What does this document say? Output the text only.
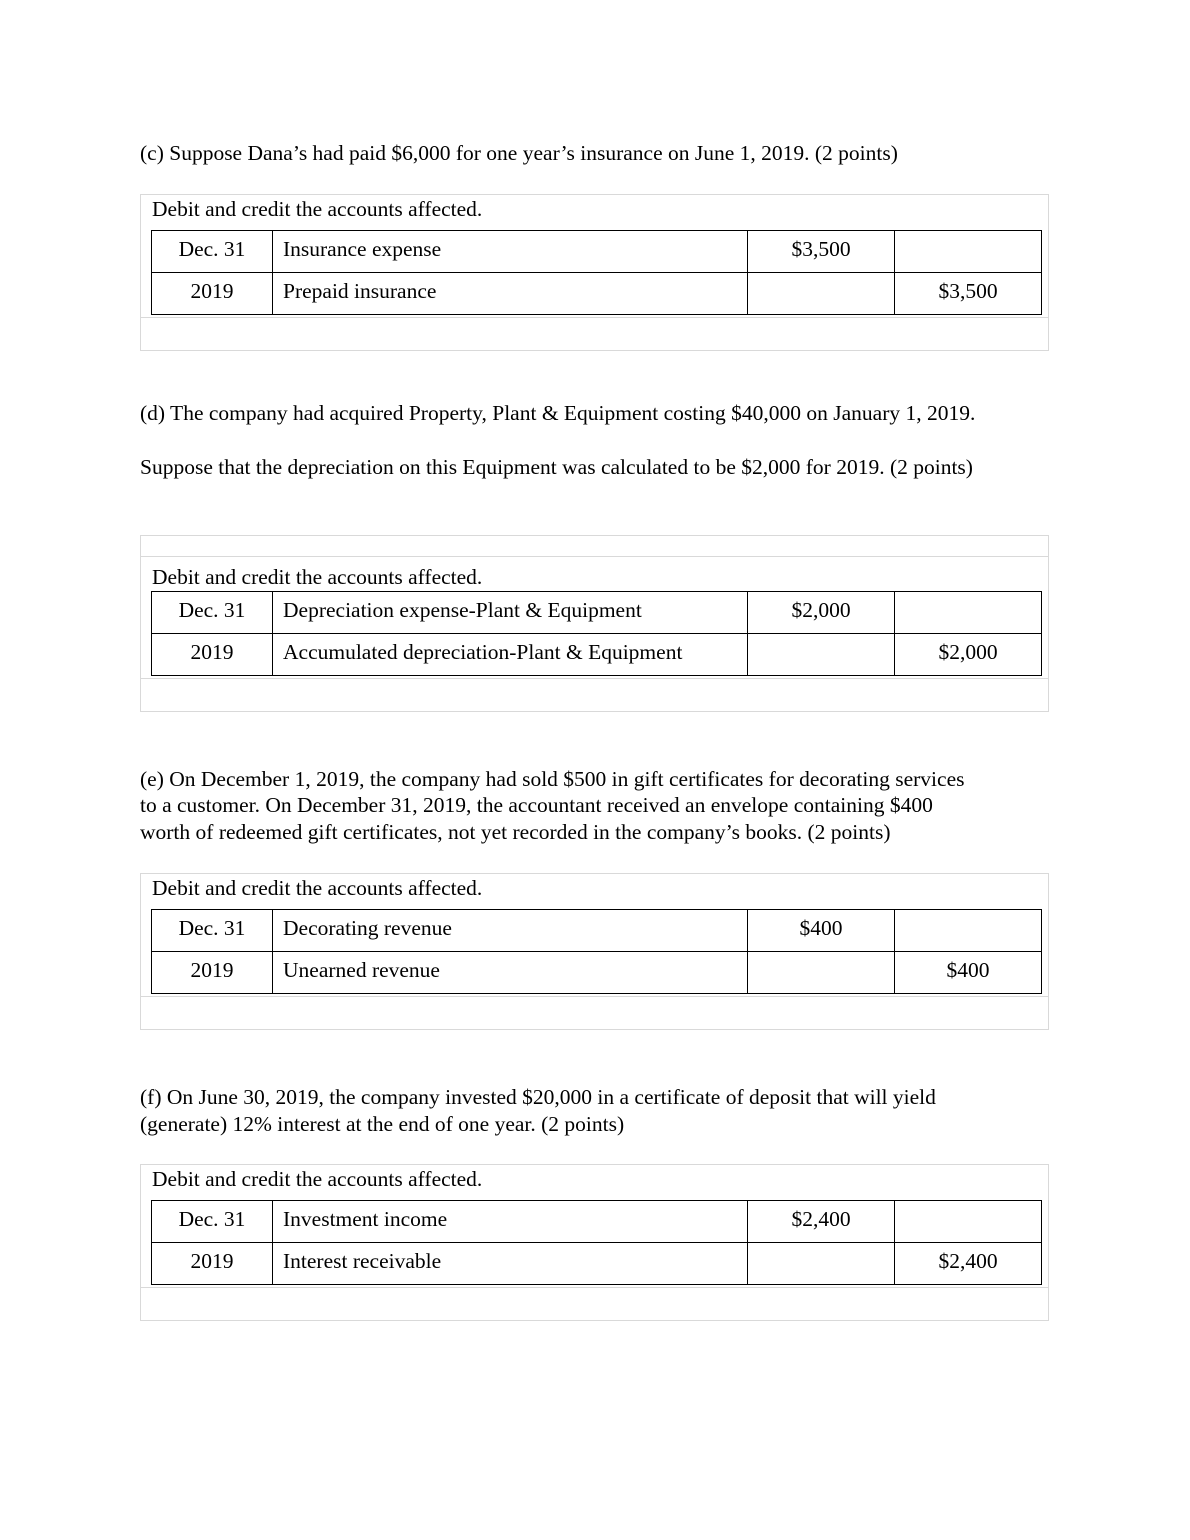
(c) Suppose Dana’s had paid $6,000 for one year’s insurance on June 1, 2019. (2 points)

Debit and credit the accounts affected.
Dec. 31	Insurance expense	$3,500	
2019	Prepaid insurance		$3,500

(d) The company had acquired Property, Plant & Equipment costing $40,000 on January 1, 2019.

Suppose that the depreciation on this Equipment was calculated to be $2,000 for 2019. (2 points)

Debit and credit the accounts affected.
Dec. 31	Depreciation expense-Plant & Equipment	$2,000	
2019	Accumulated depreciation-Plant & Equipment		$2,000

(e) On December 1, 2019, the company had sold $500 in gift certificates for decorating services

to a customer. On December 31, 2019, the accountant received an envelope containing $400

worth of redeemed gift certificates, not yet recorded in the company’s books. (2 points)

Debit and credit the accounts affected.
Dec. 31	Decorating revenue	$400	
2019	Unearned revenue		$400

(f) On June 30, 2019, the company invested $20,000 in a certificate of deposit that will yield

(generate) 12% interest at the end of one year. (2 points)

Debit and credit the accounts affected.
Dec. 31	Investment income	$2,400	
2019	Interest receivable		$2,400
